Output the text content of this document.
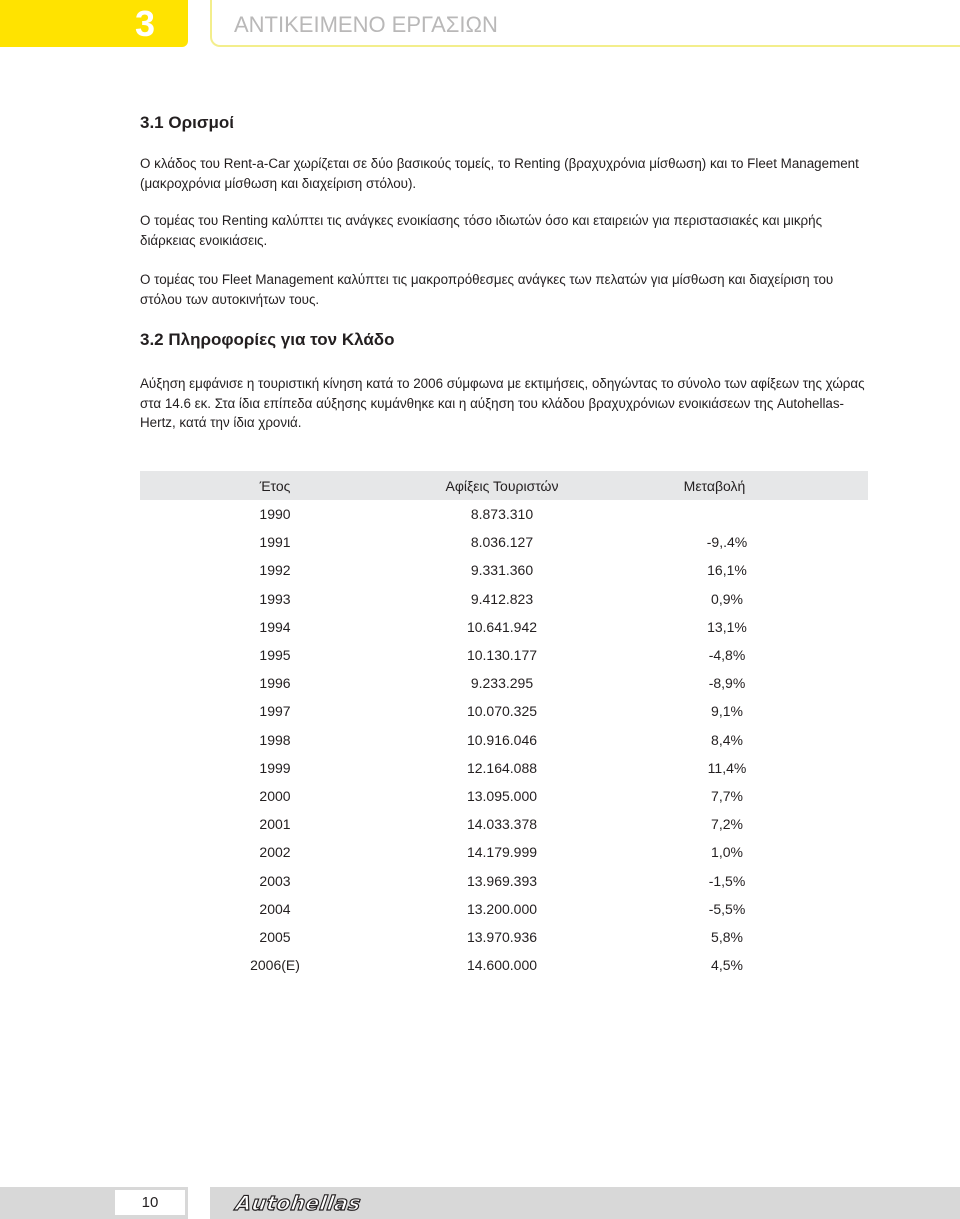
3	ΑΝΤΙΚΕΙΜΕΝΟ ΕΡΓΑΣΙΩΝ
3.1 Ορισμοί

Ο κλάδος του Rent-a-Car χωρίζεται σε δύο βασικούς τομείς, το Renting (βραχυχρόνια μίσθωση) και το Fleet Management (μακροχρόνια μίσθωση και διαχείριση στόλου).

Ο τομέας του Renting καλύπτει τις ανάγκες ενοικίασης τόσο ιδιωτών όσο και εταιρειών για περιστασιακές και μικρής διάρκειας ενοικιάσεις.

Ο τομέας του Fleet Management καλύπτει τις μακροπρόθεσμες ανάγκες των πελατών για μίσθωση και διαχείριση του στόλου των αυτοκινήτων τους.

3.2 Πληροφορίες για τον Κλάδο

Αύξηση εμφάνισε η τουριστική κίνηση κατά το 2006 σύμφωνα με εκτιμήσεις, οδηγώντας το σύνολο των αφίξεων της χώρας στα 14.6 εκ. Στα ίδια επίπεδα αύξησης κυμάνθηκε και η αύξηση του κλάδου βραχυχρόνιων ενοικιάσεων της Autohellas- Hertz, κατά την ίδια χρονιά.

Έτος	Αφίξεις Τουριστών	Μεταβολή
1990	8.873.310
1991	8.036.127	-9,.4%
1992	9.331.360	16,1%
1993	9.412.823	0,9%
1994	10.641.942	13,1%
1995	10.130.177	-4,8%
1996	9.233.295	-8,9%
1997	10.070.325	9,1%
1998	10.916.046	8,4%
1999	12.164.088	11,4%
2000	13.095.000	7,7%
2001	14.033.378	7,2%
2002	14.179.999	1,0%
2003	13.969.393	-1,5%
2004	13.200.000	-5,5%
2005	13.970.936	5,8%
2006(E)	14.600.000	4,5%
10	Autohellas
